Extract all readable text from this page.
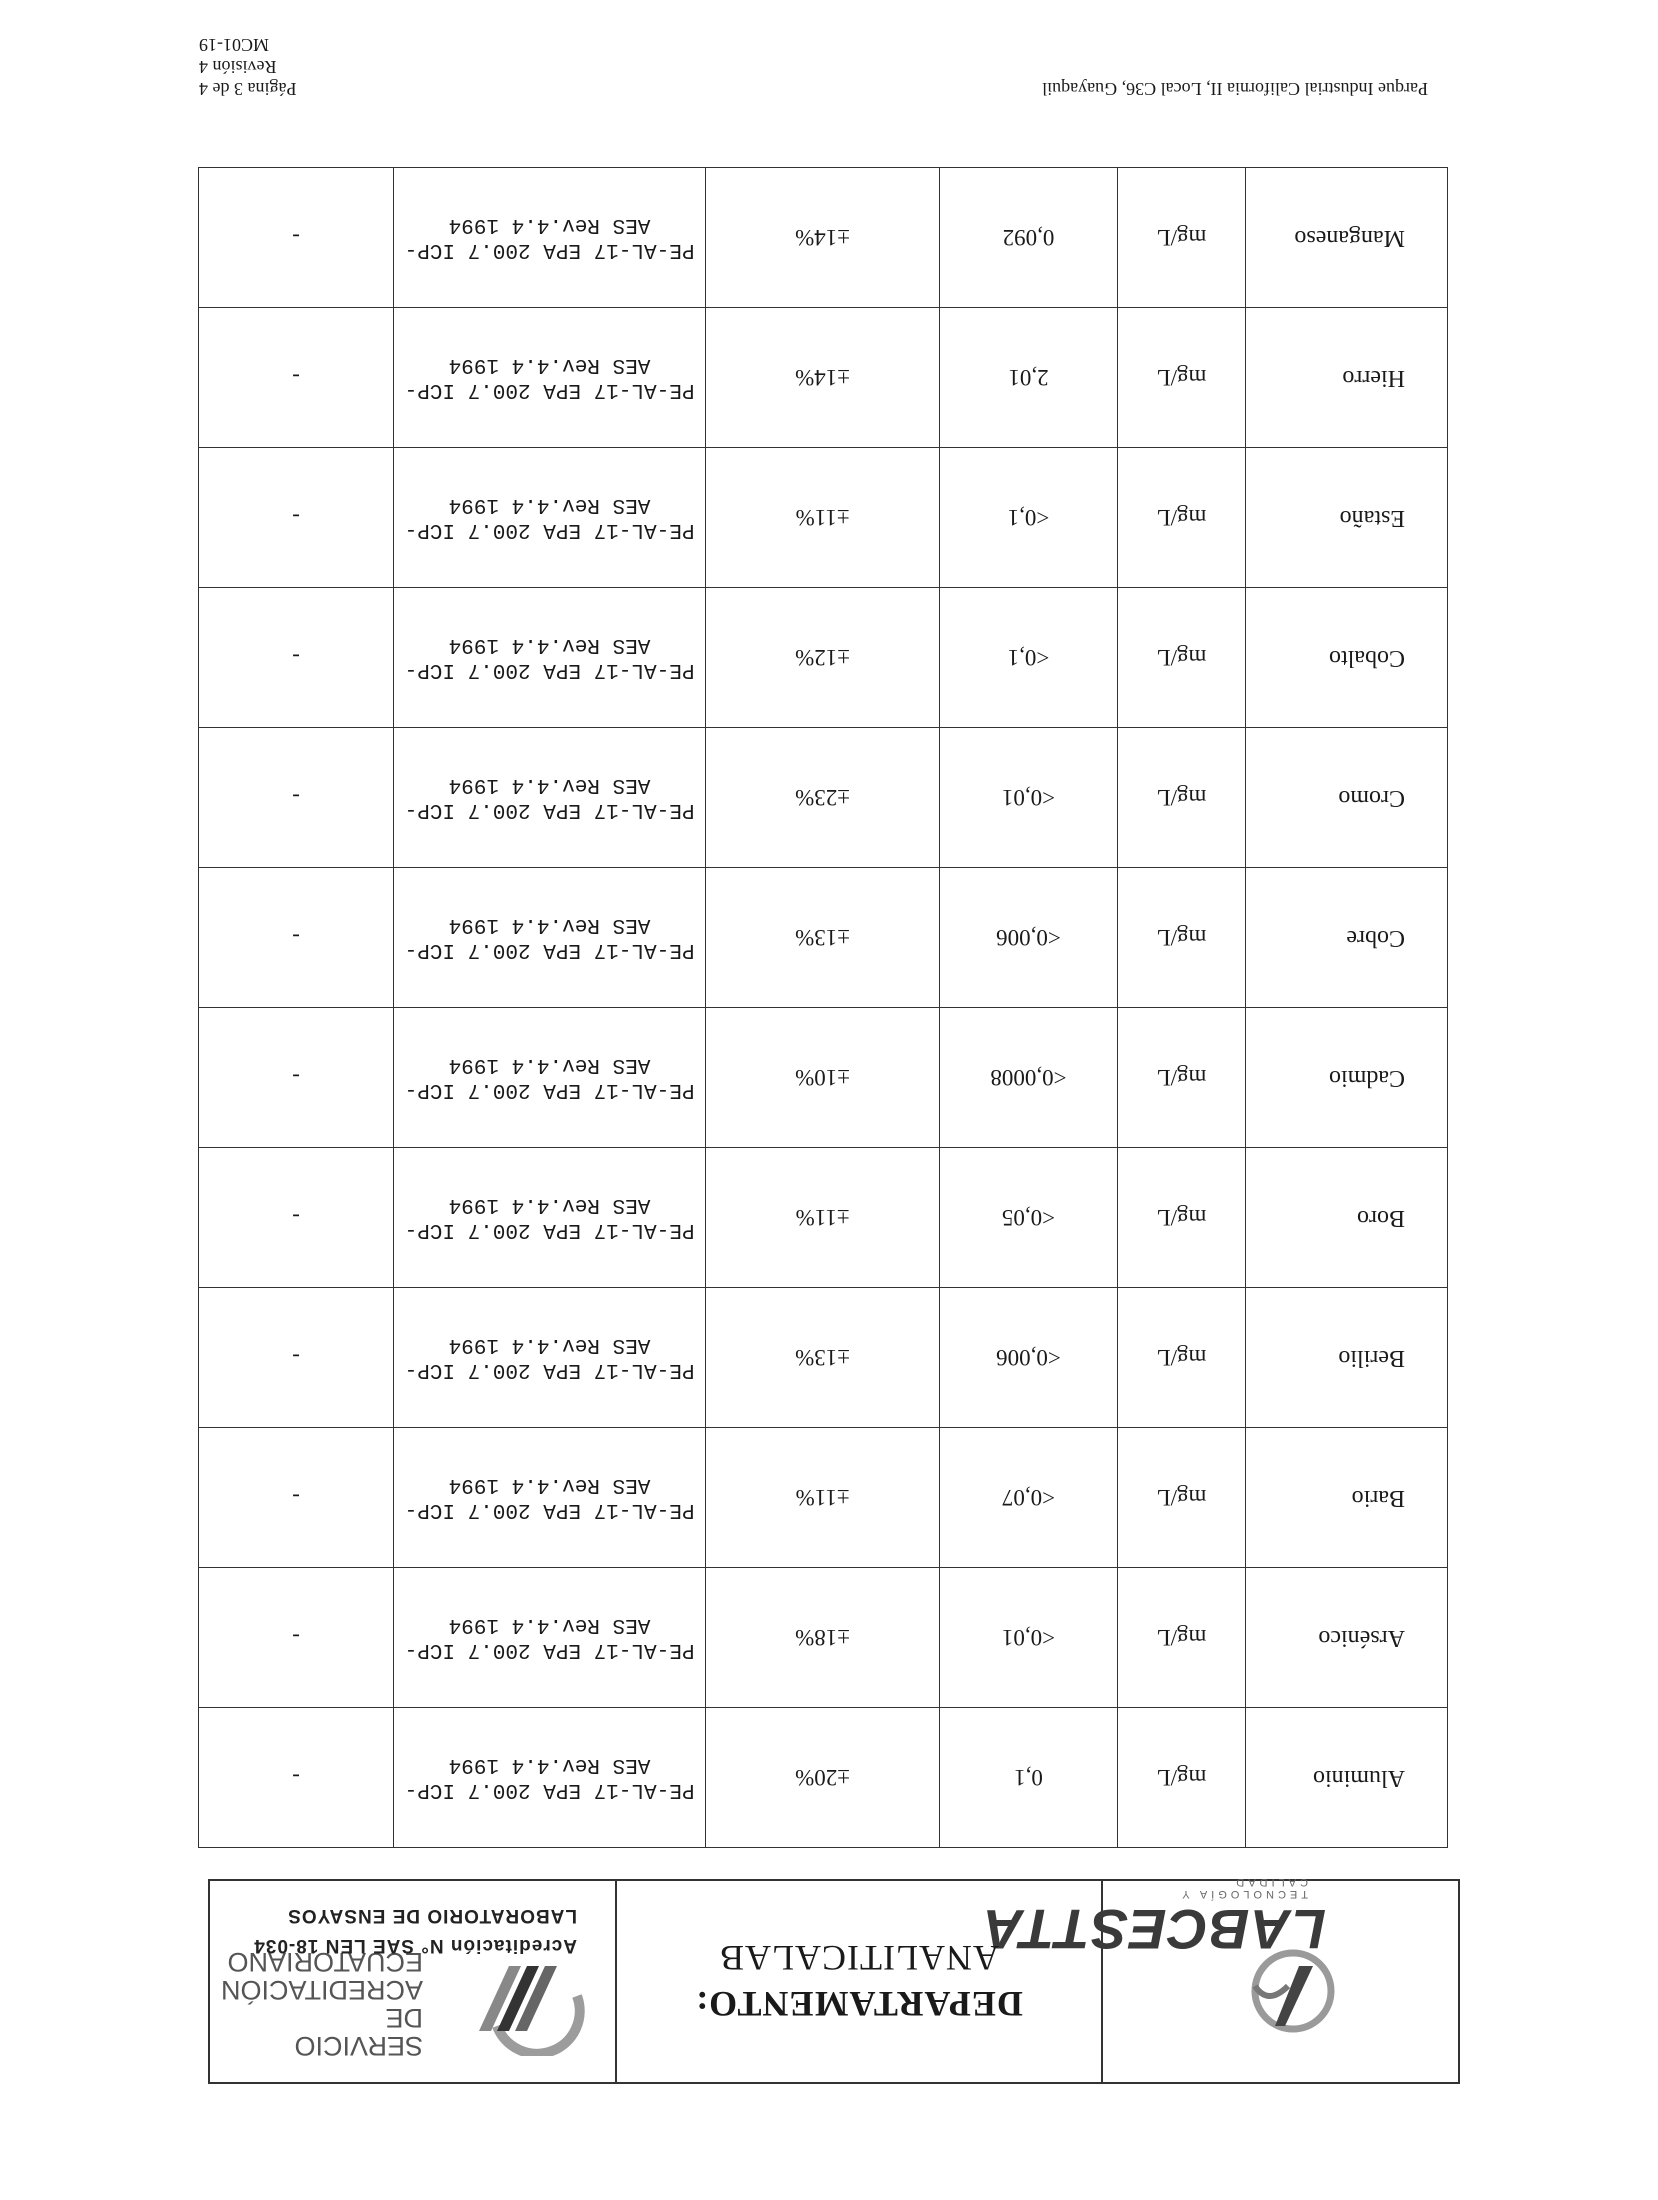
LABCESTTA
TECNOLOGÍA Y CALIDAD
DEPARTAMENTO:
ANALITICALAB
SERVICIO
DE ACREDITACIÓN
ECUATORIANO
Acreditación N° SAE LEN 18-034
LABORATORIO DE ENSAYOS
Aluminio	mg/L	0,1	±20%	PE-AL-17 EPA 200.7 ICP-AES Rev.4.4 1994	-
Arsénico	mg/L	<0,01	±18%	PE-AL-17 EPA 200.7 ICP-AES Rev.4.4 1994	-
Bario	mg/L	<0,07	±11%	PE-AL-17 EPA 200.7 ICP-AES Rev.4.4 1994	-
Berilio	mg/L	<0,006	±13%	PE-AL-17 EPA 200.7 ICP-AES Rev.4.4 1994	-
Boro	mg/L	<0,05	±11%	PE-AL-17 EPA 200.7 ICP-AES Rev.4.4 1994	-
Cadmio	mg/L	<0,0008	±10%	PE-AL-17 EPA 200.7 ICP-AES Rev.4.4 1994	-
Cobre	mg/L	<0,006	±13%	PE-AL-17 EPA 200.7 ICP-AES Rev.4.4 1994	-
Cromo	mg/L	<0,01	±23%	PE-AL-17 EPA 200.7 ICP-AES Rev.4.4 1994	-
Cobalto	mg/L	<0,1	±12%	PE-AL-17 EPA 200.7 ICP-AES Rev.4.4 1994	-
Estaño	mg/L	<0,1	±11%	PE-AL-17 EPA 200.7 ICP-AES Rev.4.4 1994	-
Hierro	mg/L	2,01	±14%	PE-AL-17 EPA 200.7 ICP-AES Rev.4.4 1994	-
Manganeso	mg/L	0,092	±14%	PE-AL-17 EPA 200.7 ICP-AES Rev.4.4 1994	-
Página 3 de 4
Revisión 4
MC01-19
Parque Industrial California II, Local C36, Guayaquil
